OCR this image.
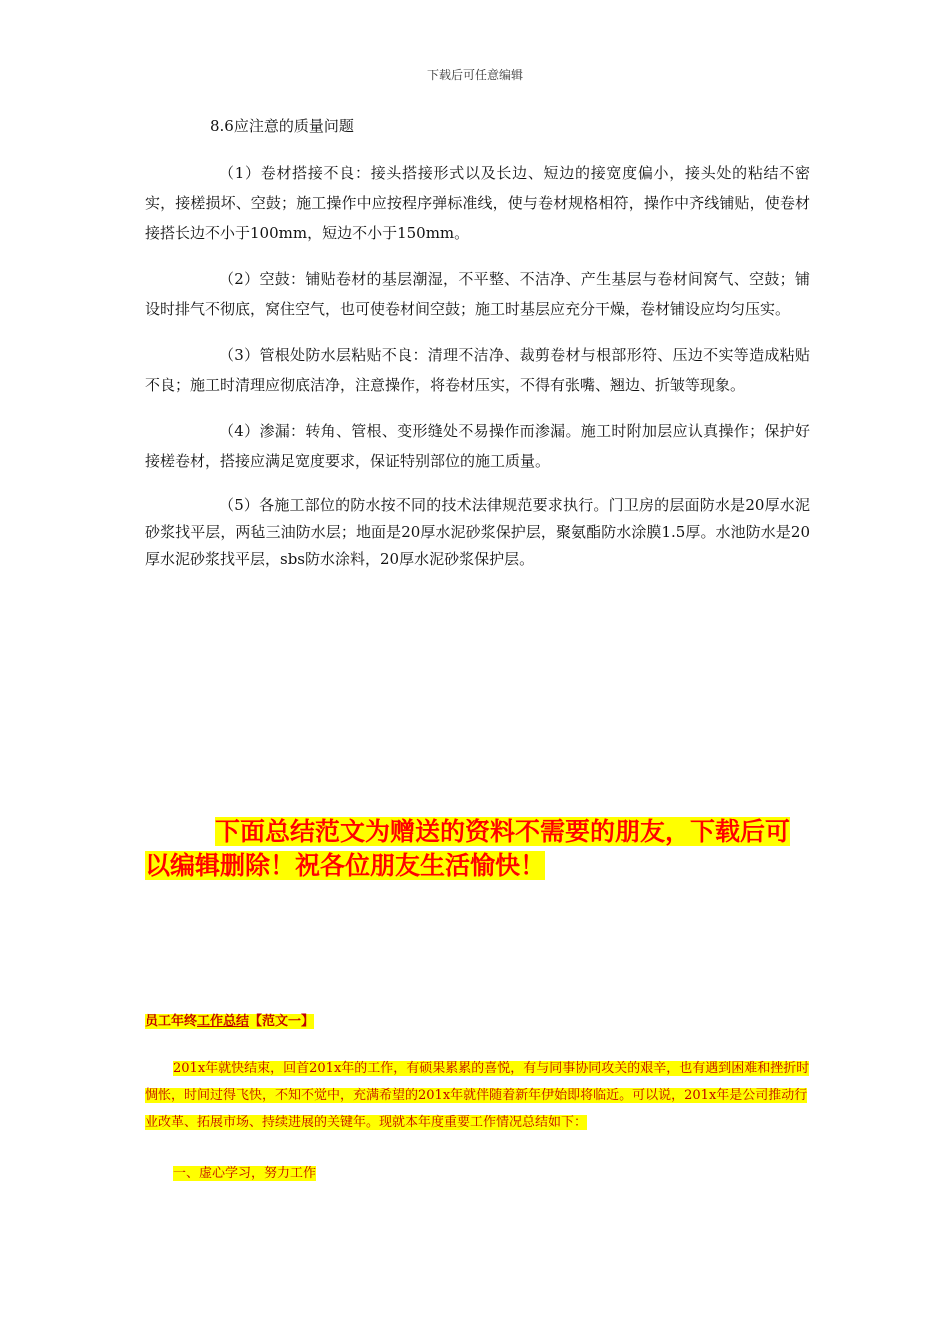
下载后可任意编辑
8.6应注意的质量问题

（1）卷材搭接不良：接头搭接形式以及长边、短边的接宽度偏小，接头处的粘结不密实，接槎损坏、空鼓；施工操作中应按程序弹标准线，使与卷材规格相符，操作中齐线铺贴，使卷材接搭长边不小于100mm，短边不小于150mm。

（2）空鼓：铺贴卷材的基层潮湿，不平整、不洁净、产生基层与卷材间窝气、空鼓；铺设时排气不彻底，窝住空气，也可使卷材间空鼓；施工时基层应充分干燥，卷材铺设应均匀压实。

（3）管根处防水层粘贴不良：清理不洁净、裁剪卷材与根部形符、压边不实等造成粘贴不良；施工时清理应彻底洁净，注意操作，将卷材压实，不得有张嘴、翘边、折皱等现象。

（4）渗漏：转角、管根、变形缝处不易操作而渗漏。施工时附加层应认真操作；保护好接槎卷材，搭接应满足宽度要求，保证特别部位的施工质量。

（5）各施工部位的防水按不同的技术法律规范要求执行。门卫房的层面防水是20厚水泥砂浆找平层，两毡三油防水层；地面是20厚水泥砂浆保护层，聚氨酯防水涂膜1.5厚。水池防水是20厚水泥砂浆找平层，sbs防水涂料，20厚水泥砂浆保护层。

下面总结范文为赠送的资料不需要的朋友，下载后可以编辑删除！祝各位朋友生活愉快！
员工年终工作总结【范文一】

201x年就快结束，回首201x年的工作，有硕果累累的喜悦，有与同事协同攻关的艰辛，也有遇到困难和挫折时惆怅，时间过得飞快，不知不觉中，充满希望的201x年就伴随着新年伊始即将临近。可以说，201x年是公司推动行业改革、拓展市场、持续进展的关键年。现就本年度重要工作情况总结如下：

一、虚心学习，努力工作
